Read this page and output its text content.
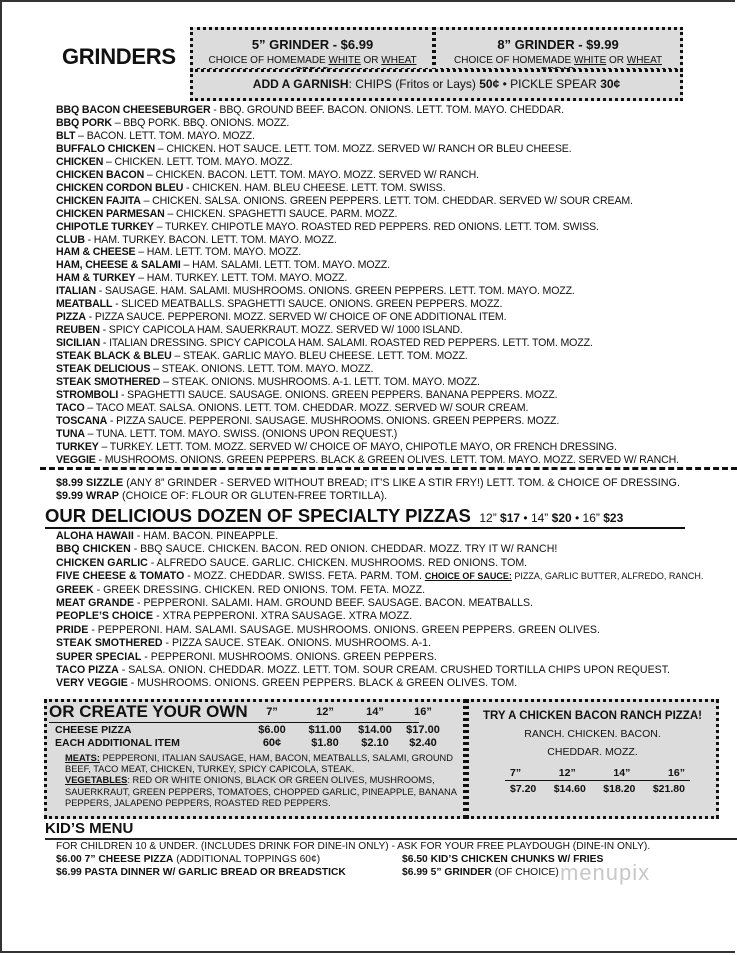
GRINDERS	5” GRINDER - $6.99
CHOICE OF HOMEMADE WHITE OR WHEAT
8” GRINDER - $9.99
CHOICE OF HOMEMADE WHITE OR WHEAT
ADD A GARNISH: CHIPS (Fritos or Lays) 50¢ • PICKLE SPEAR 30¢
BBQ BACON CHEESEBURGER - BBQ. GROUND BEEF. BACON. ONIONS. LETT. TOM. MAYO. CHEDDAR.
BBQ PORK – BBQ PORK. BBQ. ONIONS. MOZZ.
BLT – BACON. LETT. TOM. MAYO. MOZZ.
BUFFALO CHICKEN – CHICKEN. HOT SAUCE. LETT. TOM. MOZZ. SERVED W/ RANCH OR BLEU CHEESE.
CHICKEN – CHICKEN. LETT. TOM. MAYO. MOZZ.
CHICKEN BACON – CHICKEN. BACON. LETT. TOM. MAYO. MOZZ. SERVED W/ RANCH.
CHICKEN CORDON BLEU - CHICKEN. HAM. BLEU CHEESE. LETT. TOM. SWISS.
CHICKEN FAJITA – CHICKEN. SALSA. ONIONS. GREEN PEPPERS. LETT. TOM. CHEDDAR. SERVED W/ SOUR CREAM.
CHICKEN PARMESAN – CHICKEN. SPAGHETTI SAUCE. PARM. MOZZ.
CHIPOTLE TURKEY – TURKEY. CHIPOTLE MAYO. ROASTED RED PEPPERS. RED ONIONS. LETT. TOM. SWISS.
CLUB - HAM. TURKEY. BACON. LETT. TOM. MAYO. MOZZ.
HAM & CHEESE – HAM. LETT. TOM. MAYO. MOZZ.
HAM, CHEESE & SALAMI – HAM. SALAMI. LETT. TOM. MAYO. MOZZ.
HAM & TURKEY – HAM. TURKEY. LETT. TOM. MAYO. MOZZ.
ITALIAN - SAUSAGE. HAM. SALAMI. MUSHROOMS. ONIONS. GREEN PEPPERS. LETT. TOM. MAYO. MOZZ.
MEATBALL - SLICED MEATBALLS. SPAGHETTI SAUCE. ONIONS. GREEN PEPPERS. MOZZ.
PIZZA - PIZZA SAUCE. PEPPERONI. MOZZ. SERVED W/ CHOICE OF ONE ADDITIONAL ITEM.
REUBEN - SPICY CAPICOLA HAM. SAUERKRAUT. MOZZ. SERVED W/ 1000 ISLAND.
SICILIAN - ITALIAN DRESSING. SPICY CAPICOLA HAM. SALAMI. ROASTED RED PEPPERS. LETT. TOM. MOZZ.
STEAK BLACK & BLEU – STEAK. GARLIC MAYO. BLEU CHEESE. LETT. TOM. MOZZ.
STEAK DELICIOUS – STEAK. ONIONS. LETT. TOM. MAYO. MOZZ.
STEAK SMOTHERED – STEAK. ONIONS. MUSHROOMS. A-1. LETT. TOM. MAYO. MOZZ.
STROMBOLI - SPAGHETTI SAUCE. SAUSAGE. ONIONS. GREEN PEPPERS. BANANA PEPPERS. MOZZ.
TACO – TACO MEAT. SALSA. ONIONS. LETT. TOM. CHEDDAR. MOZZ. SERVED W/ SOUR CREAM.
TOSCANA - PIZZA SAUCE. PEPPERONI. SAUSAGE. MUSHROOMS. ONIONS. GREEN PEPPERS. MOZZ.
TUNA – TUNA. LETT. TOM. MAYO. SWISS. (ONIONS UPON REQUEST.)
TURKEY – TURKEY. LETT. TOM. MOZZ. SERVED W/ CHOICE OF MAYO, CHIPOTLE MAYO, OR FRENCH DRESSING.
VEGGIE - MUSHROOMS. ONIONS. GREEN PEPPERS. BLACK & GREEN OLIVES. LETT. TOM. MAYO. MOZZ. SERVED W/ RANCH.
$8.99 SIZZLE (ANY 8” GRINDER - SERVED WITHOUT BREAD; IT’S LIKE A STIR FRY!) LETT. TOM. & CHOICE OF DRESSING.
$9.99 WRAP (CHOICE OF: FLOUR OR GLUTEN-FREE TORTILLA).
OUR DELICIOUS DOZEN OF SPECIALTY PIZZAS 12” $17 • 14” $20 • 16” $23
ALOHA HAWAII - HAM. BACON. PINEAPPLE.
BBQ CHICKEN - BBQ SAUCE. CHICKEN. BACON. RED ONION. CHEDDAR. MOZZ. TRY IT W/ RANCH!
CHICKEN GARLIC - ALFREDO SAUCE. GARLIC. CHICKEN. MUSHROOMS. RED ONIONS. TOM.
FIVE CHEESE & TOMATO - MOZZ. CHEDDAR. SWISS. FETA. PARM. TOM. CHOICE OF SAUCE: PIZZA, GARLIC BUTTER, ALFREDO, RANCH.
GREEK - GREEK DRESSING. CHICKEN. RED ONIONS. TOM. FETA. MOZZ.
MEAT GRANDE - PEPPERONI. SALAMI. HAM. GROUND BEEF. SAUSAGE. BACON. MEATBALLS.
PEOPLE’S CHOICE - XTRA PEPPERONI. XTRA SAUSAGE. XTRA MOZZ.
PRIDE - PEPPERONI. HAM. SALAMI. SAUSAGE. MUSHROOMS. ONIONS. GREEN PEPPERS. GREEN OLIVES.
STEAK SMOTHERED - PIZZA SAUCE. STEAK. ONIONS. MUSHROOMS. A-1.
SUPER SPECIAL - PEPPERONI. MUSHROOMS. ONIONS. GREEN PEPPERS.
TACO PIZZA - SALSA. ONION. CHEDDAR. MOZZ. LETT. TOM. SOUR CREAM. CRUSHED TORTILLA CHIPS UPON REQUEST.
VERY VEGGIE - MUSHROOMS. ONIONS. GREEN PEPPERS. BLACK & GREEN OLIVES. TOM.
OR CREATE YOUR OWN	7”	12”	14”	16”
CHEESE PIZZA	$6.00	$11.00	$14.00	$17.00
EACH ADDITIONAL ITEM	60¢	$1.80	$2.10	$2.40
MEATS: PEPPERONI, ITALIAN SAUSAGE, HAM, BACON, MEATBALLS, SALAMI, GROUND BEEF, TACO MEAT, CHICKEN, TURKEY, SPICY CAPICOLA, STEAK.
VEGETABLES: RED OR WHITE ONIONS, BLACK OR GREEN OLIVES, MUSHROOMS, SAUERKRAUT, GREEN PEPPERS, TOMATOES, CHOPPED GARLIC, PINEAPPLE, BANANA PEPPERS, JALAPENO PEPPERS, ROASTED RED PEPPERS.
TRY A CHICKEN BACON RANCH PIZZA!
RANCH. CHICKEN. BACON.
CHEDDAR. MOZZ.
7”	12”	14”	16”
$7.20 $14.60 $18.20 $21.80
KID’S MENU
FOR CHILDREN 10 & UNDER. (INCLUDES DRINK FOR DINE-IN ONLY) - ASK FOR YOUR FREE PLAYDOUGH (DINE-IN ONLY).
$6.00 7” CHEESE PIZZA (ADDITIONAL TOPPINGS 60¢)	$6.50 KID’S CHICKEN CHUNKS W/ FRIES
$6.99 PASTA DINNER W/ GARLIC BREAD OR BREADSTICK	$6.99 5” GRINDER (OF CHOICE) menupix
